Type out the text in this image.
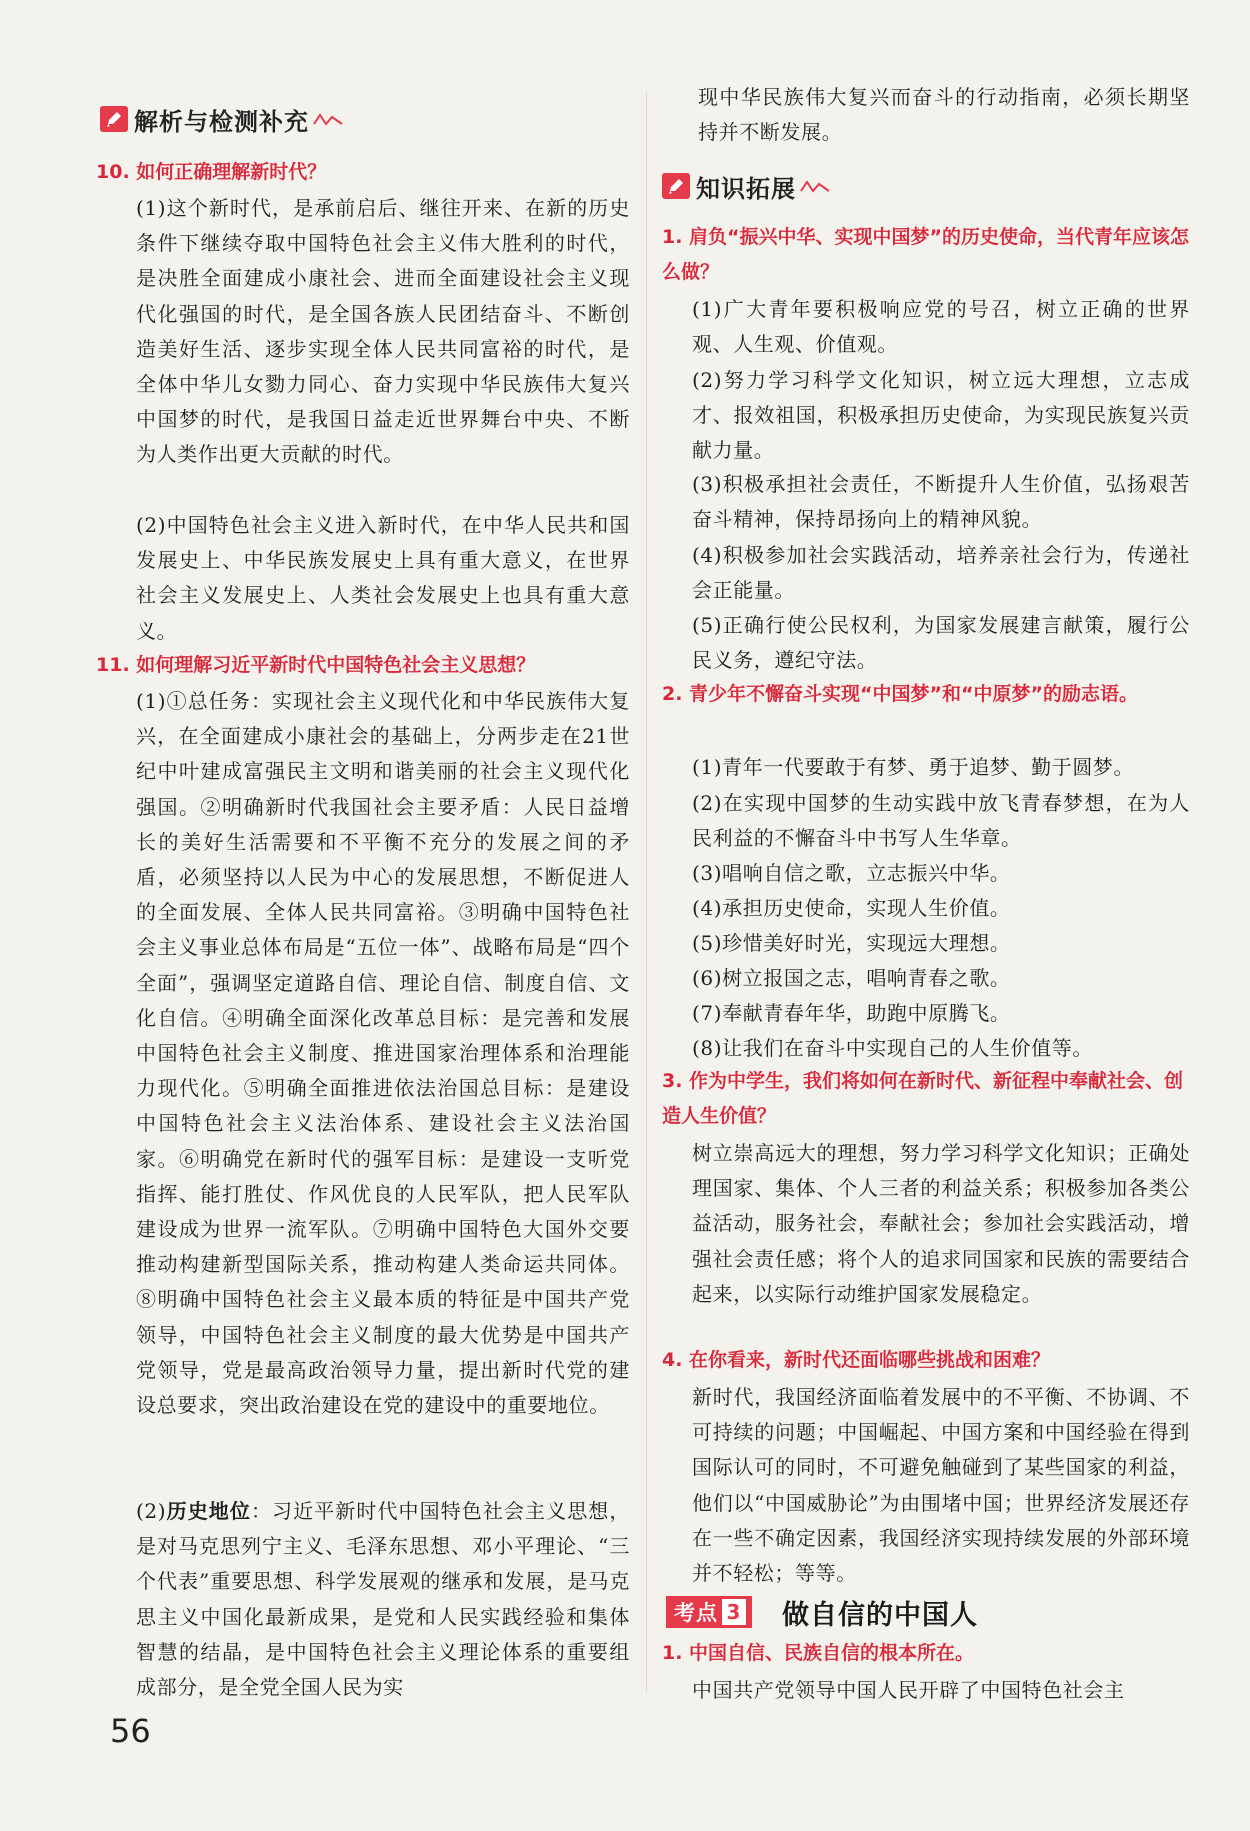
解析与检测补充
10. 如何正确理解新时代？
(1)这个新时代，是承前启后、继往开来、在新的历史条件下继续夺取中国特色社会主义伟大胜利的时代，是决胜全面建成小康社会、进而全面建设社会主义现代化强国的时代，是全国各族人民团结奋斗、不断创造美好生活、逐步实现全体人民共同富裕的时代，是全体中华儿女勠力同心、奋力实现中华民族伟大复兴中国梦的时代，是我国日益走近世界舞台中央、不断为人类作出更大贡献的时代。
(2)中国特色社会主义进入新时代，在中华人民共和国发展史上、中华民族发展史上具有重大意义，在世界社会主义发展史上、人类社会发展史上也具有重大意义。
11. 如何理解习近平新时代中国特色社会主义思想？
(1)①总任务：实现社会主义现代化和中华民族伟大复兴，在全面建成小康社会的基础上，分两步走在21世纪中叶建成富强民主文明和谐美丽的社会主义现代化强国。②明确新时代我国社会主要矛盾：人民日益增长的美好生活需要和不平衡不充分的发展之间的矛盾，必须坚持以人民为中心的发展思想，不断促进人的全面发展、全体人民共同富裕。③明确中国特色社会主义事业总体布局是“五位一体”、战略布局是“四个全面”，强调坚定道路自信、理论自信、制度自信、文化自信。④明确全面深化改革总目标：是完善和发展中国特色社会主义制度、推进国家治理体系和治理能力现代化。⑤明确全面推进依法治国总目标：是建设中国特色社会主义法治体系、建设社会主义法治国家。⑥明确党在新时代的强军目标：是建设一支听党指挥、能打胜仗、作风优良的人民军队，把人民军队建设成为世界一流军队。⑦明确中国特色大国外交要推动构建新型国际关系，推动构建人类命运共同体。⑧明确中国特色社会主义最本质的特征是中国共产党领导，中国特色社会主义制度的最大优势是中国共产党领导，党是最高政治领导力量，提出新时代党的建设总要求，突出政治建设在党的建设中的重要地位。
(2)历史地位：习近平新时代中国特色社会主义思想，是对马克思列宁主义、毛泽东思想、邓小平理论、“三个代表”重要思想、科学发展观的继承和发展，是马克思主义中国化最新成果，是党和人民实践经验和集体智慧的结晶，是中国特色社会主义理论体系的重要组成部分，是全党全国人民为实
56
现中华民族伟大复兴而奋斗的行动指南，必须长期坚持并不断发展。
知识拓展
1. 肩负“振兴中华、实现中国梦”的历史使命，当代青年应该怎么做？
(1)广大青年要积极响应党的号召，树立正确的世界观、人生观、价值观。
(2)努力学习科学文化知识，树立远大理想，立志成才、报效祖国，积极承担历史使命，为实现民族复兴贡献力量。
(3)积极承担社会责任，不断提升人生价值，弘扬艰苦奋斗精神，保持昂扬向上的精神风貌。
(4)积极参加社会实践活动，培养亲社会行为，传递社会正能量。
(5)正确行使公民权利，为国家发展建言献策，履行公民义务，遵纪守法。
2. 青少年不懈奋斗实现“中国梦”和“中原梦”的励志语。
(1)青年一代要敢于有梦、勇于追梦、勤于圆梦。
(2)在实现中国梦的生动实践中放飞青春梦想，在为人民利益的不懈奋斗中书写人生华章。
(3)唱响自信之歌，立志振兴中华。
(4)承担历史使命，实现人生价值。
(5)珍惜美好时光，实现远大理想。
(6)树立报国之志，唱响青春之歌。
(7)奉献青春年华，助跑中原腾飞。
(8)让我们在奋斗中实现自己的人生价值等。
3. 作为中学生，我们将如何在新时代、新征程中奉献社会、创造人生价值？
树立崇高远大的理想，努力学习科学文化知识；正确处理国家、集体、个人三者的利益关系；积极参加各类公益活动，服务社会，奉献社会；参加社会实践活动，增强社会责任感；将个人的追求同国家和民族的需要结合起来，以实际行动维护国家发展稳定。
4. 在你看来，新时代还面临哪些挑战和困难？
新时代，我国经济面临着发展中的不平衡、不协调、不可持续的问题；中国崛起、中国方案和中国经验在得到国际认可的同时，不可避免触碰到了某些国家的利益，他们以“中国威胁论”为由围堵中国；世界经济发展还存在一些不确定因素，我国经济实现持续发展的外部环境并不轻松；等等。
考点 3 做自信的中国人
1. 中国自信、民族自信的根本所在。
中国共产党领导中国人民开辟了中国特色社会主
